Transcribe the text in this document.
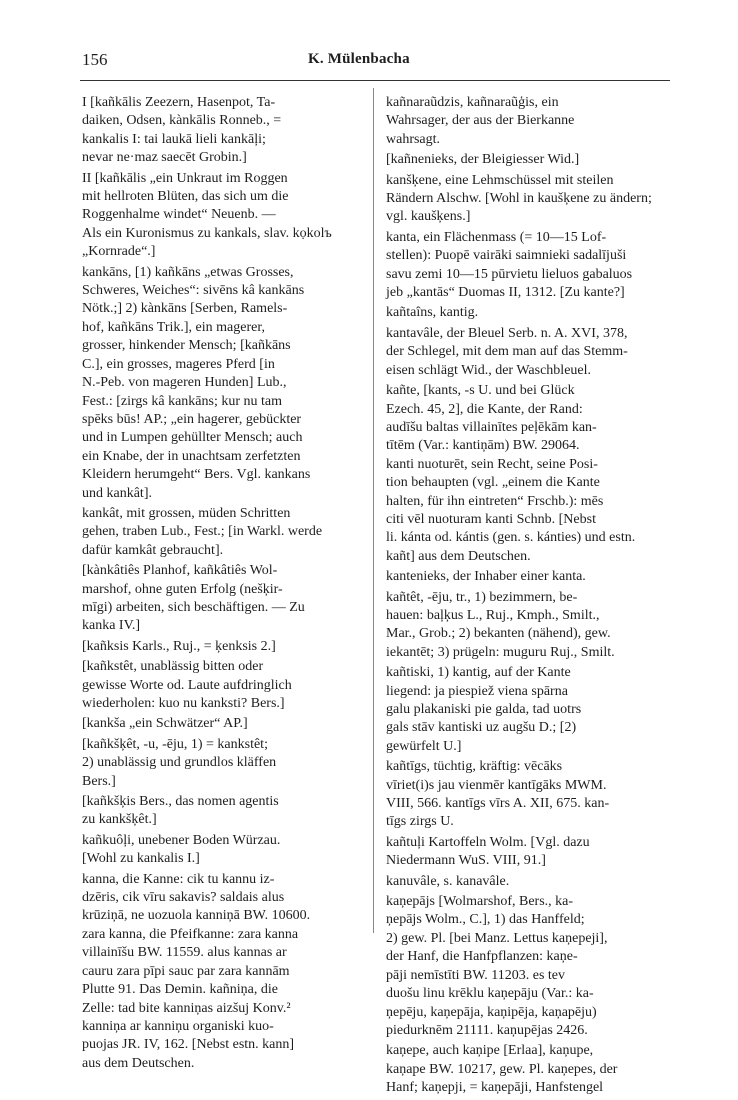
156	K. Mülenbacha

I [kañkālis Zeezern, Hasenpot, Ta-
daiken, Odsen, kànkālis Ronneb., =
kankalis I: tai laukā lieli kankāļi;
nevar ne·maz saecēt Grobin.]

II [kañkālis „ein Unkraut im Roggen
mit hellroten Blüten, das sich um die
Roggenhalme windet“ Neuenb. —
Als ein Kuronismus zu kankals, slav. kọkolъ
„Kornrade“.]

kankāns, [1) kañkāns „etwas Grosses,
Schweres, Weiches“: sivēns kâ kankāns
Nötk.;] 2) kànkāns [Serben, Ramels-
hof, kañkāns Trik.], ein magerer,
grosser, hinkender Mensch; [kañkāns
C.], ein grosses, mageres Pferd [in
N.-Peb. von mageren Hunden] Lub.,
Fest.: [zirgs kâ kankāns; kur nu tam
spēks būs! AP.; „ein hagerer, gebückter
und in Lumpen gehüllter Mensch; auch
ein Knabe, der in unachtsam zerfetzten
Kleidern herumgeht“ Bers. Vgl. kankans
und kankât].

kankât, mit grossen, müden Schritten
gehen, traben Lub., Fest.; [in Warkl. werde
dafür kamkât gebraucht].

[kànkâtiês Planhof, kañkâtiês Wol-
marshof, ohne guten Erfolg (nešķir-
mīgi) arbeiten, sich beschäftigen. — Zu
kanka IV.]

[kañksis Karls., Ruj., = ķenksis 2.]

[kañkstêt, unablässig bitten oder
gewisse Worte od. Laute aufdringlich
wiederholen: kuo nu kanksti? Bers.]

[kankša „ein Schwätzer“ AP.]

[kañkšķêt, -u, -ēju, 1) = kankstêt;
2) unablässig und grundlos kläffen
Bers.]

[kañkšķis Bers., das nomen agentis
zu kankšķêt.]

kañkuôļi, unebener Boden Würzau.
[Wohl zu kankalis I.]

kanna, die Kanne: cik tu kannu iz-
dzēris, cik vīru sakavis? saldais alus
krūziņā, ne uozuola kanniņā BW. 10600.
zara kanna, die Pfeifkanne: zara kanna
villainīšu BW. 11559. alus kannas ar
cauru zara pīpi sauc par zara kannām
Plutte 91. Das Demin. kañniņa, die
Zelle: tad bite kanniņas aizšuj Konv.²
kanniņa ar kanniņu organiski kuo-
puojas JR. IV, 162. [Nebst estn. kann]
aus dem Deutschen.

kañnaraũdzis, kañnaraũģis, ein
Wahrsager, der aus der Bierkanne
wahrsagt.

[kañnenieks, der Bleigiesser Wid.]

kanšķene, eine Lehmschüssel mit steilen
Rändern Alschw. [Wohl in kaušķene zu ändern;
vgl. kaušķens.]

kanta, ein Flächenmass (= 10—15 Lof-
stellen): Puopē vairāki saimnieki sadalījuši
savu zemi 10—15 pūrvietu lieluos gabaluos
jeb „kantās“ Duomas II, 1312. [Zu kante?]

kañtaîns, kantig.

kantavâle, der Bleuel Serb. n. A. XVI, 378,
der Schlegel, mit dem man auf das Stemm-
eisen schlägt Wid., der Waschbleuel.

kañte, [kants, -s U. und bei Glück
Ezech. 45, 2], die Kante, der Rand:
audīšu baltas villainītes peļēkām kan-
tītēm (Var.: kantiņām) BW. 29064.
kanti nuoturēt, sein Recht, seine Posi-
tion behaupten (vgl. „einem die Kante
halten, für ihn eintreten“ Frschb.): mēs
citi vēl nuoturam kanti Schnb. [Nebst
li. kánta od. kántis (gen. s. kánties) und estn.
kañt] aus dem Deutschen.

kantenieks, der Inhaber einer kanta.

kañtêt, -ēju, tr., 1) bezimmern, be-
hauen: baļķus L., Ruj., Kmph., Smilt.,
Mar., Grob.; 2) bekanten (nähend), gew.
iekantēt; 3) prügeln: muguru Ruj., Smilt.

kañtiski, 1) kantig, auf der Kante
liegend: ja piespiež viena spārna
galu plakaniski pie galda, tad uotrs
gals stāv kantiski uz augšu D.; [2)
gewürfelt U.]

kañtīgs, tüchtig, kräftig: vēcāks
vīriet(i)s jau vienmēr kantīgāks MWM.
VIII, 566. kantīgs vīrs A. XII, 675. kan-
tīgs zirgs U.

kañtuļi Kartoffeln Wolm. [Vgl. dazu
Niedermann WuS. VIII, 91.]

kanuvâle, s. kanavâle.

kaņepājs [Wolmarshof, Bers., ka-
ņepājs Wolm., C.], 1) das Hanffeld;
2) gew. Pl. [bei Manz. Lettus kaņepeji],
der Hanf, die Hanfpflanzen: kaņe-
pāji nemīstīti BW. 11203. es tev
duošu linu krēklu kaņepāju (Var.: ka-
ņepēju, kaņepāja, kaņipēja, kaņapēju)
piedurknēm 21111. kaņupējas 2426.

kaņepe, auch kaņipe [Erlaa], kaņupe,
kaņape BW. 10217, gew. Pl. kaņepes, der
Hanf; kaņepji, = kaņepāji, Hanfstengel
